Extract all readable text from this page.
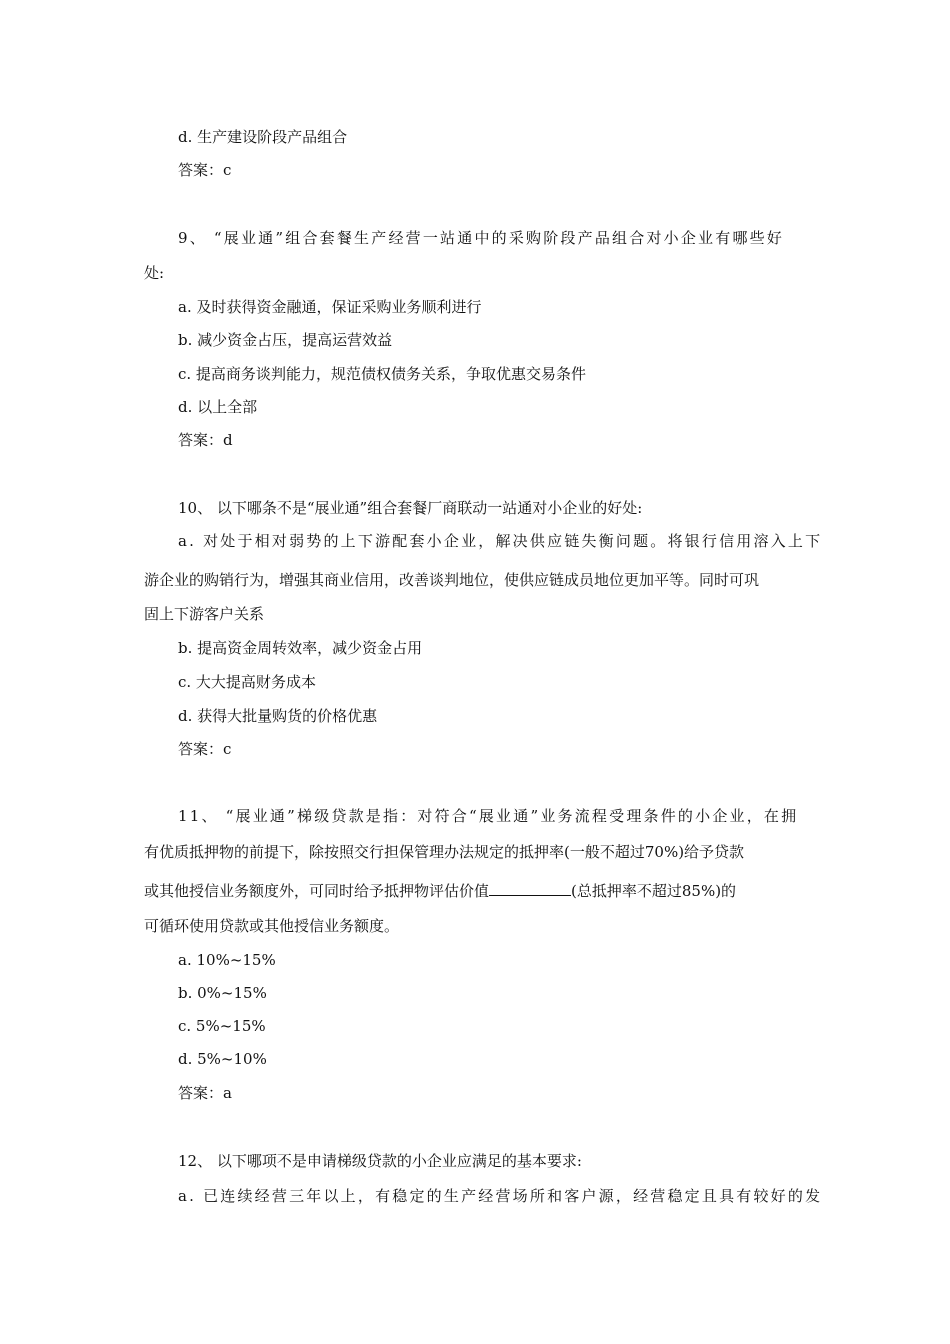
d. 生产建设阶段产品组合
答案：c
9、 “展业通”组合套餐生产经营一站通中的采购阶段产品组合对小企业有哪些好
处:
a. 及时获得资金融通，保证采购业务顺利进行
b. 减少资金占压，提高运营效益
c. 提高商务谈判能力，规范债权债务关系，争取优惠交易条件
d. 以上全部
答案：d
10、 以下哪条不是“展业通”组合套餐厂商联动一站通对小企业的好处:
a. 对处于相对弱势的上下游配套小企业，解决供应链失衡问题。将银行信用溶入上下
游企业的购销行为，增强其商业信用，改善谈判地位，使供应链成员地位更加平等。同时可巩
固上下游客户关系
b. 提高资金周转效率，减少资金占用
c. 大大提高财务成本
d. 获得大批量购货的价格优惠
答案：c
11、 “展业通”梯级贷款是指：对符合“展业通”业务流程受理条件的小企业，在拥
有优质抵押物的前提下，除按照交行担保管理办法规定的抵押率(一般不超过70%)给予贷款
或其他授信业务额度外，可同时给予抵押物评估价值	(总抵押率不超过85%)的
可循环使用贷款或其他授信业务额度。
a. 10%~15%
b. 0%~15%
c. 5%~15%
d. 5%~10%
答案：a
12、 以下哪项不是申请梯级贷款的小企业应满足的基本要求:
a. 已连续经营三年以上，有稳定的生产经营场所和客户源，经营稳定且具有较好的发
